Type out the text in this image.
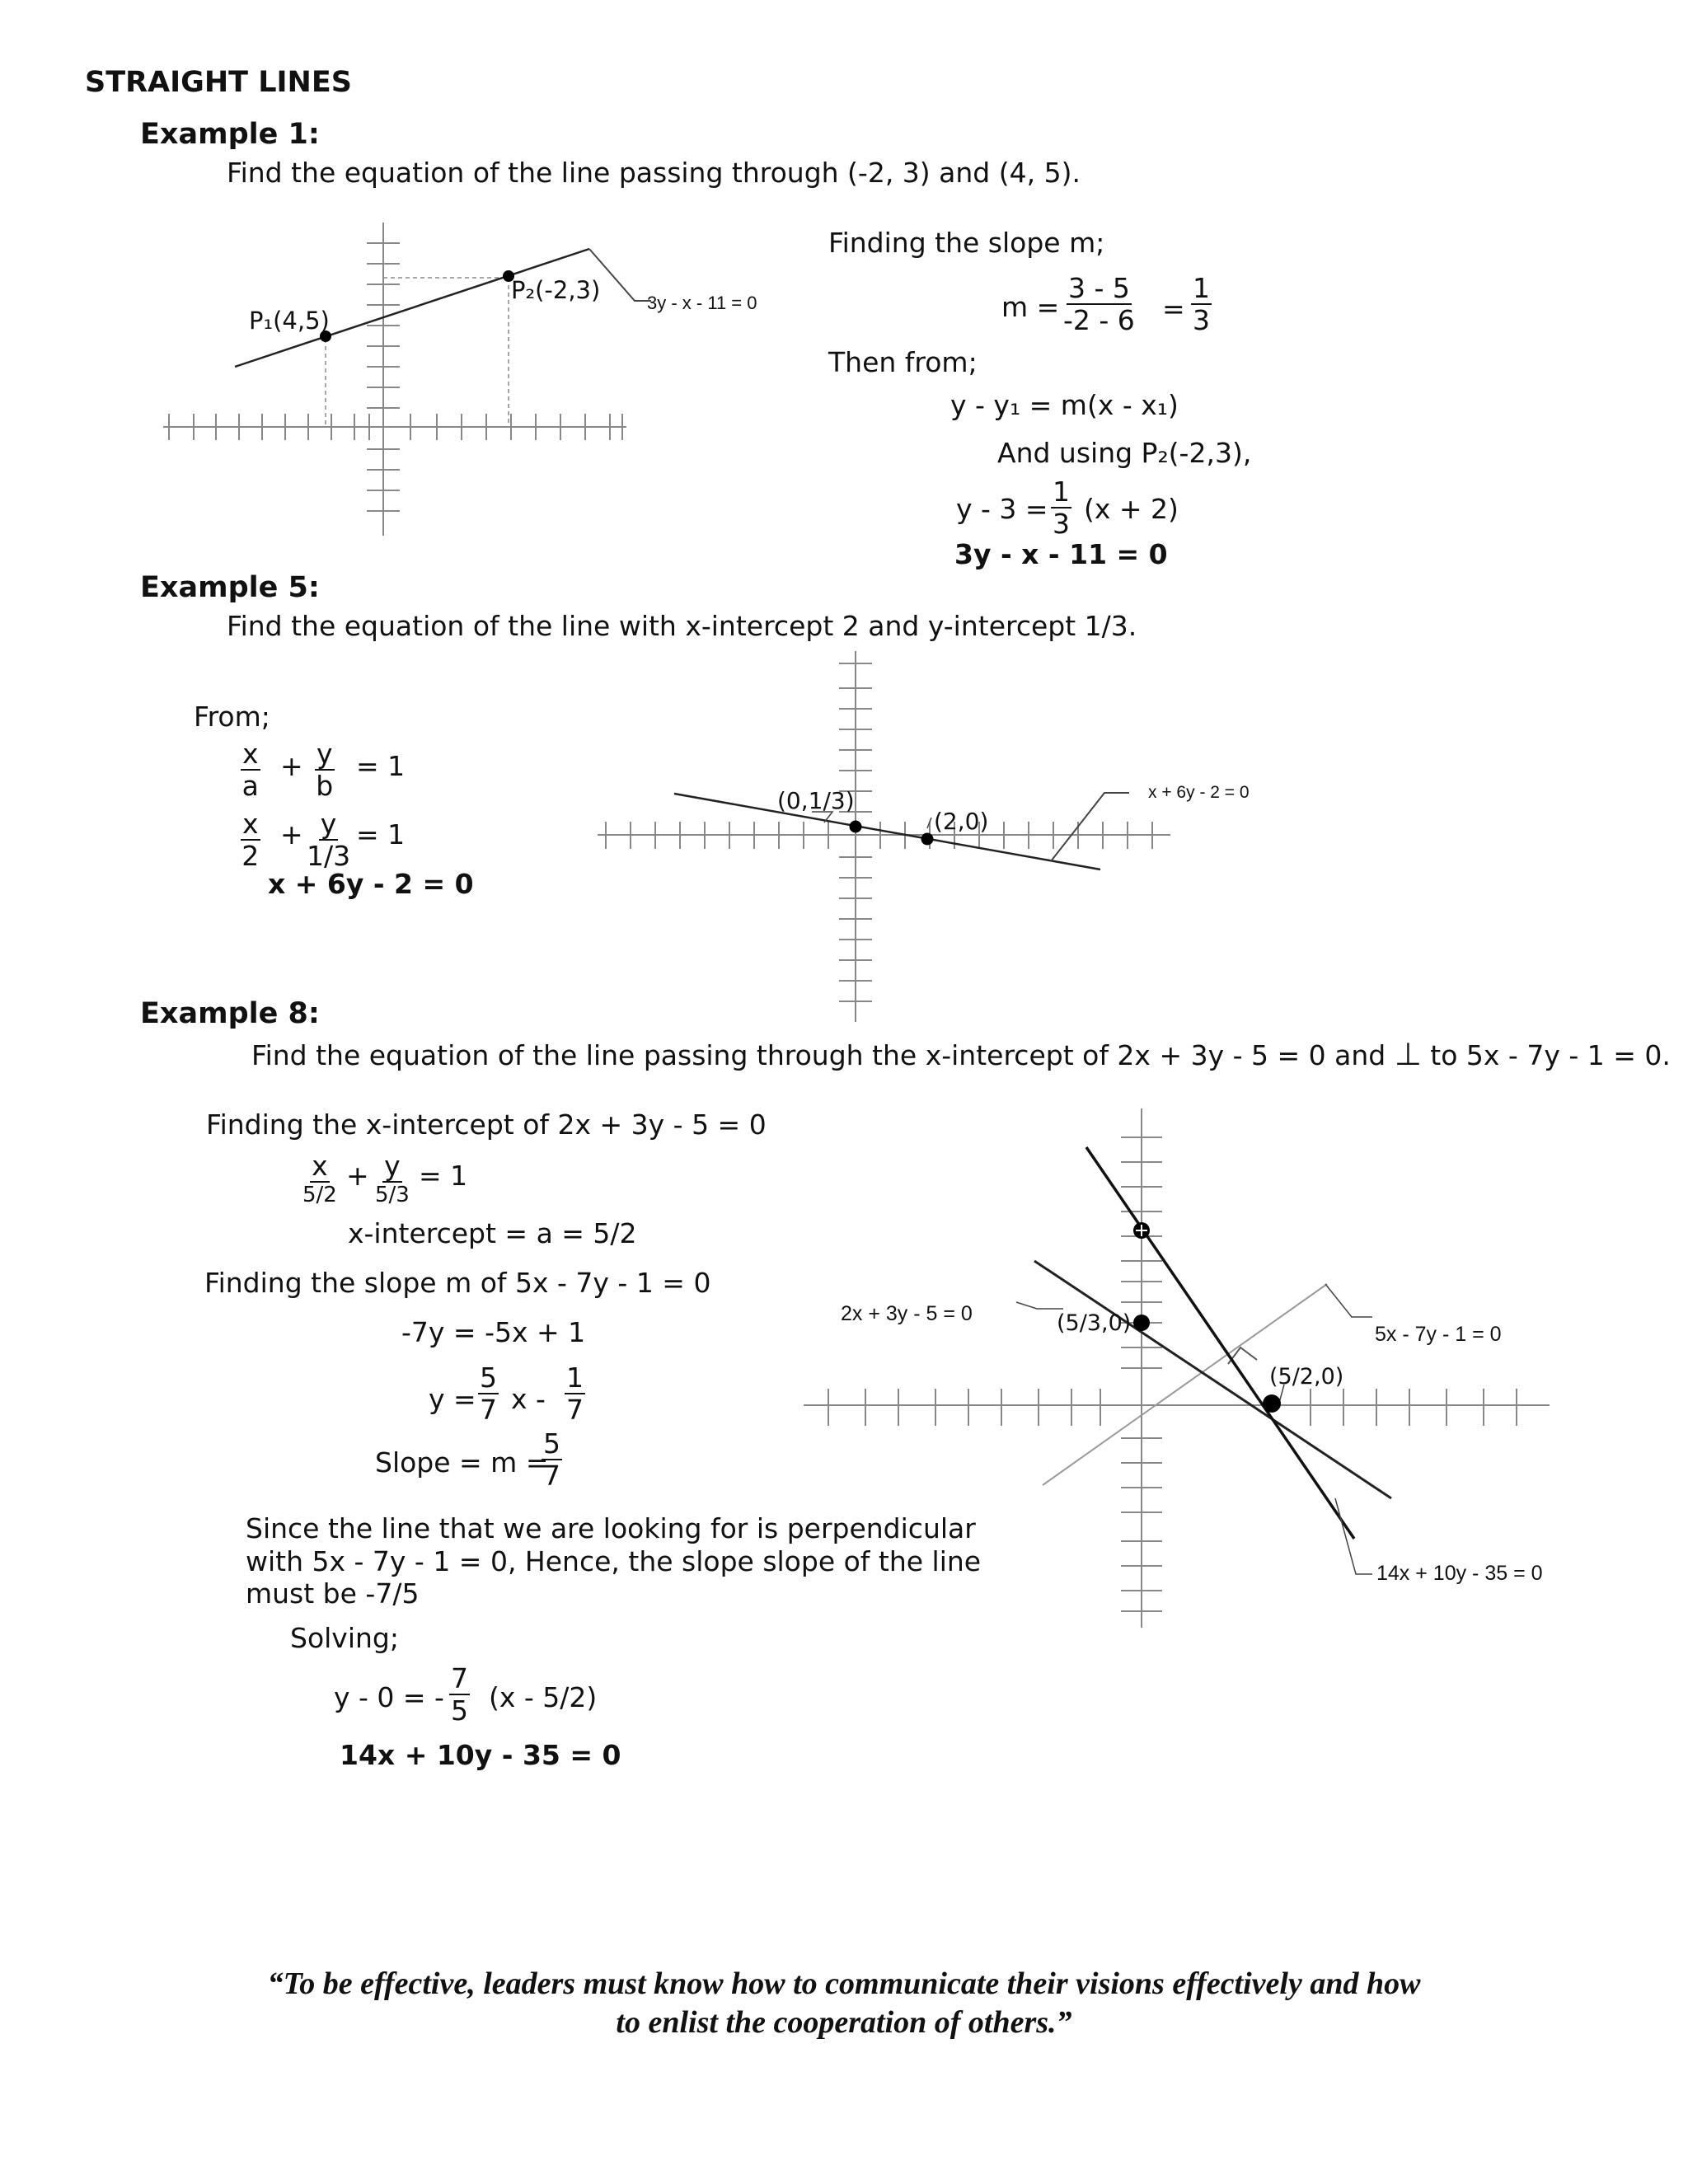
STRAIGHT LINES
Example 1:
Find the equation of the line passing through (-2, 3) and (4, 5).
P₁(4,5)
P₂(-2,3)	3y - x - 11 = 0
Finding the slope m;
$m = \frac{3 - 5}{-2 - 6} = \frac{1}{3}$
Then from;
y - y₁ = m(x - x₁)
And using P₂(-2,3),
$y - 3 = \frac{1}{3} (x + 2)$
3y - x - 11 = 0
Example 5:
Find the equation of the line with x-intercept 2 and y-intercept 1/3.
From;
$\frac{x}{a} + \frac{y}{b} = 1$
$\frac{x}{2} + \frac{y}{1/3} = 1$
x + 6y - 2 = 0
(0,1/3)
(2,0)
x + 6y - 2 = 0
Example 8:
Find the equation of the line passing through the x-intercept of 2x + 3y - 5 = 0 and ⊥ to 5x - 7y - 1 = 0.
Finding the x-intercept of 2x + 3y - 5 = 0
x
5/2
+ y
5/3
= 1
x-intercept = a = 5/2
Finding the slope m of 5x - 7y - 1 = 0
-7y = -5x + 1
$y = \frac{5}{7}$ x - $\frac{1}{7}$
Slope = m =
$\frac{5}{7}$
Since the line that we are looking for is perpendicular
with 5x - 7y - 1 = 0, Hence, the slope slope of the line
must be -7/5
Solving;
y - 0 = - $\frac{7}{5} (x - 5/2)$
14x + 10y - 35 = 0
2x + 3y - 5 = 0	(5/3,0)	5x - 7y - 1 = 0
(5/2,0)
14x + 10y - 35 = 0
“To be effective, leaders must know how to communicate their visions effectively and how
to enlist the cooperation of others.”
